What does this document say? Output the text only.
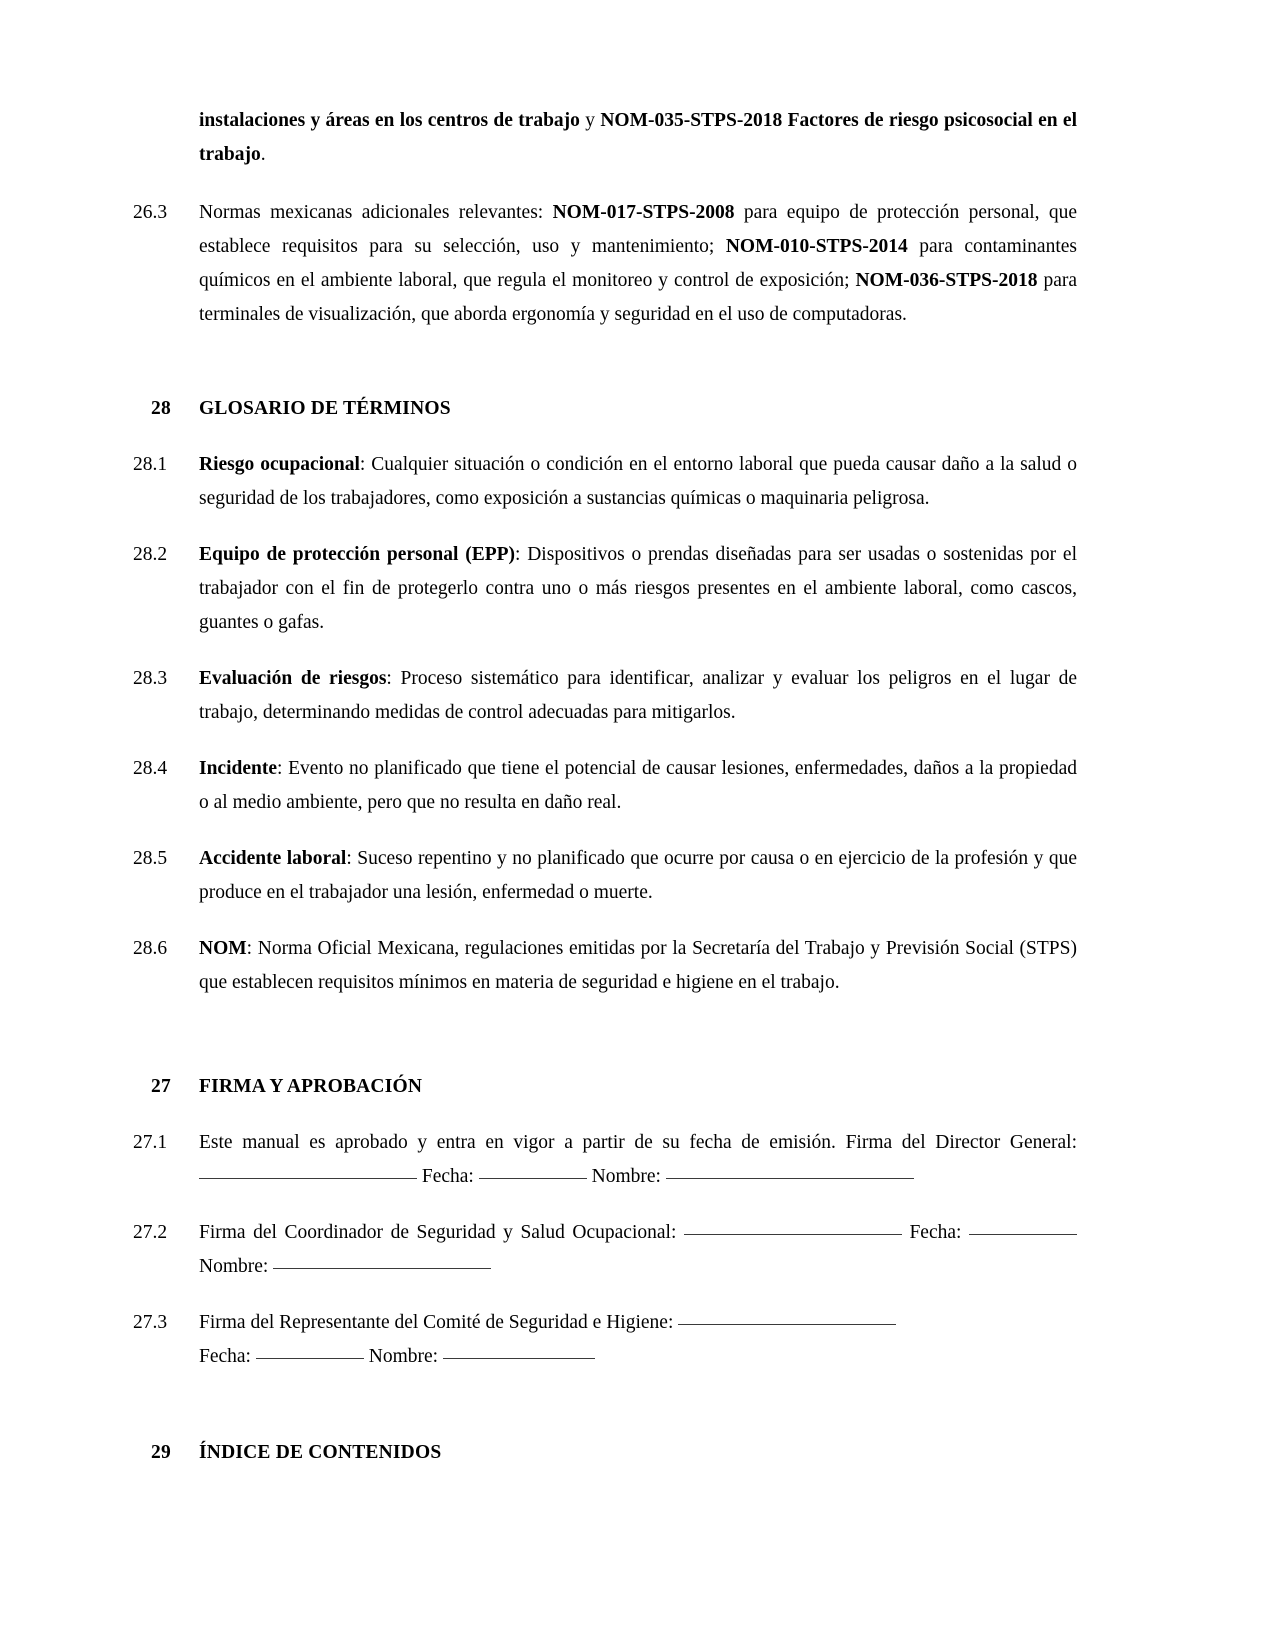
instalaciones y áreas en los centros de trabajo y NOM-035-STPS-2018 Factores de riesgo psicosocial en el trabajo.
26.3	Normas mexicanas adicionales relevantes: NOM-017-STPS-2008 para equipo de protección personal, que establece requisitos para su selección, uso y mantenimiento; NOM-010-STPS-2014 para contaminantes químicos en el ambiente laboral, que regula el monitoreo y control de exposición; NOM-036-STPS-2018 para terminales de visualización, que aborda ergonomía y seguridad en el uso de computadoras.
28	GLOSARIO DE TÉRMINOS
28.1	Riesgo ocupacional: Cualquier situación o condición en el entorno laboral que pueda causar daño a la salud o seguridad de los trabajadores, como exposición a sustancias químicas o maquinaria peligrosa.
28.2	Equipo de protección personal (EPP): Dispositivos o prendas diseñadas para ser usadas o sostenidas por el trabajador con el fin de protegerlo contra uno o más riesgos presentes en el ambiente laboral, como cascos, guantes o gafas.
28.3	Evaluación de riesgos: Proceso sistemático para identificar, analizar y evaluar los peligros en el lugar de trabajo, determinando medidas de control adecuadas para mitigarlos.
28.4	Incidente: Evento no planificado que tiene el potencial de causar lesiones, enfermedades, daños a la propiedad o al medio ambiente, pero que no resulta en daño real.
28.5	Accidente laboral: Suceso repentino y no planificado que ocurre por causa o en ejercicio de la profesión y que produce en el trabajador una lesión, enfermedad o muerte.
28.6	NOM: Norma Oficial Mexicana, regulaciones emitidas por la Secretaría del Trabajo y Previsión Social (STPS) que establecen requisitos mínimos en materia de seguridad e higiene en el trabajo.
27	FIRMA Y APROBACIÓN
27.1	Este manual es aprobado y entra en vigor a partir de su fecha de emisión. Firma del Director General:  Fecha:	Nombre:
27.2	Firma del Coordinador de Seguridad y Salud Ocupacional:	Fecha:  Nombre:
27.3	Firma del Representante del Comité de Seguridad e Higiene:
Fecha:	Nombre:
29	ÍNDICE DE CONTENIDOS
